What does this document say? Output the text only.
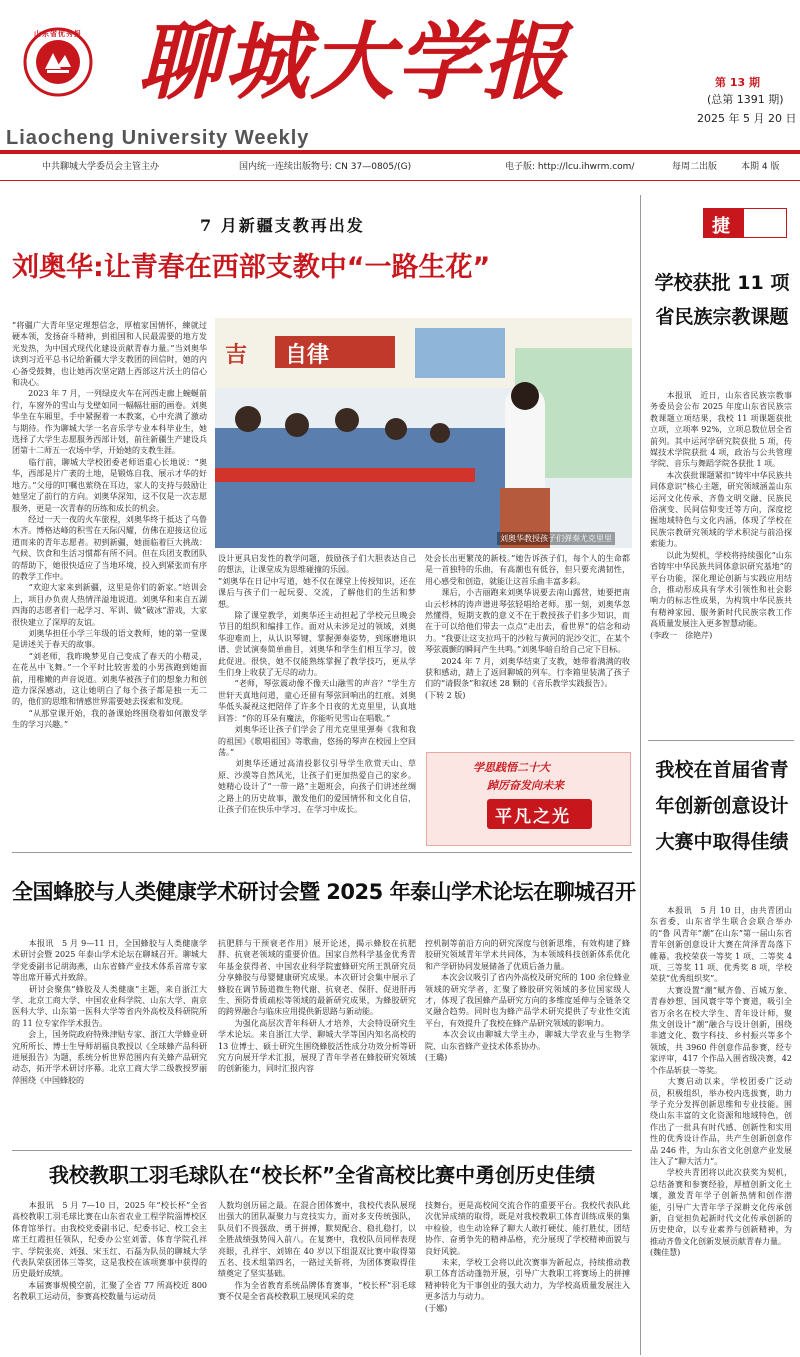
山东省优秀报刊 聊城大学报
Liaocheng University Weekly
第 13 期
(总第 1391 期)
2025 年 5 月 20 日
中共聊城大学委员会主管主办	国内统一连续出版物号: CN 37—0805/(G)	电子版: http://lcu.ihwrm.com/	每周二出版	本期 4 版
7 月新疆支教再出发
刘奥华:让青春在西部支教中“一路生花”
“将疆广大青年坚定理想信念，厚植家国情怀，練就过硬本领，发扬奋斗精神，到祖国和人民最需要的地方发光发热，为中国式现代化建设贡献青春力量。”当刘奥华读到习近平总书记给新疆大学支教团的回信时，她的内心备受鼓舞，也让她再次坚定踏上西部这片沃土的信心和决心。
　　2023 年 7 月，一列绿皮火车在河西走廊上蜿蜒前行，车窗外的雪山与戈壁如同一幅幅壮丽的画卷。刘奥华坐在车厢里，手中紧握着一本教案，心中充满了激动与期待。作为聊城大学一名音乐学专业本科毕业生，她选择了大学生志愿服务西部计划，前往新疆生产建设兵团第十二师五一农场中学，开始她的支教生涯。
　　临行前，聊城大学校团委老师语重心长地说：“奥华，西部是片广袤的土地，是锻炼自我、展示才华的好地方。”父母的叮嘱也萦绕在耳边，家人的支持与鼓励让她坚定了前行的方向。刘奥华深知，这不仅是一次志愿服务，更是一次青春的历练和成长的机会。
　　经过一天一夜的火车旅程，刘奥华终于抵达了乌鲁木齐。博格达峰的积雪在天际闪耀，仿佛在迎接这位远道而来的青年志愿者。初到新疆，她面临着巨大挑战：气候、饮食和生活习惯都有所不同。但在兵团支教团队的帮助下，她很快适应了当地环境，投入到紧张而有序的教学工作中。
　　“欢迎大家来到新疆，这里是你们的新家。”培训会上，项目办负责人热情洋溢地说道。刘奥华和来自五湖四海的志愿者们一起学习、军训、做“破冰”游戏，大家很快建立了深厚的友谊。
　　刘奥华担任小学三年级的语文教师，她的第一堂课是讲述关于春天的故事。
　　“刘老师，我昨晚梦见自己变成了春天的小精灵，在花丛中飞舞。”一个平时比较害羞的小男孩跑到她面前，用稚嫩的声音说道。刘奥华被孩子们的想象力和创造力深深感动，这让她明白了每个孩子都是独一无二的，他们的思维和情感世界需要她去探索和发现。
　　“从那堂课开始，我的备课始终围绕着如何激发学生的学习兴趣。”
吉 自律
刘奥华教授孩子们弹奏尤克里里
设计更具启发性的教学问题，鼓励孩子们大胆表达自己的想法，让课堂成为思维碰撞的乐园。
”刘奥华在日记中写道，她不仅在课堂上传授知识，还在课后与孩子们一起玩耍、交流，了解他们的生活和梦想。
　　除了课堂教学，刘奥华还主动担起了学校元旦晚会节目的组织和编排工作。面对从未涉足过的领域，刘奥华迎难而上，从认识琴键、掌握弹奏姿势，到琢磨地识谱、尝试演奏简单曲目，刘奥华和学生们相互学习，彼此促进。很快，她不仅能熟练掌握了教学技巧，更从学生们身上收获了无尽的动力。
　　“老师，琴弦震动像不像天山融雪的声音？”学生方世轩天真地问道，童心还留有琴弦回响出的红痕。刘奥华低头凝视这把陪伴了许多个日夜的尤克里里，认真地回答：“你的耳朵有魔法，你能听见雪山在唱歌。”
　　刘奥华还让孩子们学会了用尤克里里弹奏《我和我的祖国》《歌唱祖国》等歌曲，悠扬的琴声在校园上空回荡。”
　　刘奥华还通过高清投影仪引导学生欣赏天山、草原、沙漠等自然风光，让孩子们更加热爱自己的家乡。她精心设计了“一带一路”主题班会，向孩子们讲述丝绸之路上的历史故事，激发他们的爱国情怀和文化自信，让孩子们在快乐中学习、在学习中成长。
处会长出更繁茂的新枝。”她告诉孩子们，每个人的生命都是一首独特的乐曲，有高潮也有低谷，但只要充满韧性，用心感受和创造，就能让这首乐曲丰富多彩。
　　课后，小吉丽跑来刘奥华说要去南山露营，她要把南山云杉林的涛声谱进琴弦轻唱给老师。那一刻，刘奥华忽然懂得，短期支教的意义不在于教授孩子们多少知识，而在于可以给他们带去一点点“走出去，看世界”的信念和动力。“我要让这支拉玛干的沙粒与黄河的泥沙交汇，在某个琴弦震颤的瞬间产生共鸣。”刘奥华暗自给自己定下目标。
　　2024 年 7 月，刘奥华结束了支教，她带着满满的收获和感动，踏上了返回聊城的列车。行李箱里装满了孩子们的“请假条”和叙述 28 颗的《音乐教学实践报告》。
(下转 2 版)
学思践悟二十大
踔厉奋发向未来
平凡之光
捷　报
学校获批 11 项省民族宗教课题
　　本报讯　近日，山东省民族宗教事务委员会公布 2025 年度山东省民族宗教课题立项结果，我校 11 项课题获批立项，立项率 92%，立项总数位居全省前列。其中运河学研究院获批 5 项，传媒技术学院获批 4 项，政治与公共管理学院、音乐与舞蹈学院各获批 1 项。
　　本次获批课题紧扣“铸牢中华民族共同体意识”核心主题，研究领域涵盖山东运河文化传承、齐鲁文明交融、民族民俗演变、民间信仰变迁等方向，深度挖掘地域特色与文化内涵，体现了学校在民族宗教研究领域的学术积淀与前沿探索能力。
　　以此为契机，学校将持续强化“山东省铸牢中华民族共同体意识研究基地”的平台功能，深化理论创新与实践应用结合，推动形成具有学术引领性和社会影响力的标志性成果，为构筑中华民族共有精神家园、服务新时代民族宗教工作高质量发展注入更多智慧动能。
(李政一　徐艳芹)
我校在首届省青年创新创意设计大赛中取得佳绩
　　本报讯　5 月 10 日，由共青团山东省委、山东省学生联合会联合举办的“鲁 风青年”潮”在山东”第一届山东省青年创新创意设计大赛在菏泽青岛落下帷幕。我校荣获一等奖 1 项、二等奖 4 项、三等奖 11 项、优秀奖 8 项，学校荣获“优秀组织奖”。
　　大赛设置“潮”赋齐鲁、百城万象、青春妙想、国风寰宇等个赛道，吸引全省万余名在校大学生、青年设计师，聚焦文创设计“潮”融合与设计创新，围绕非遗文化、数字科技、乡村振兴等多个领域，共 3960 件创意作品参赛，经专家评审，417 个作品入围省级决赛，42 个作品斩获一等奖。
　　大赛启动以来，学校团委广泛动员，积极组织，举办校内选拔赛，助力学子充分发挥创新思维和专业技能。围绕山东丰富的文化资源和地域特色，创作出了一批具有时代感、创新性和实用性的优秀设计作品，共产生创新创意作品 246 件，为山东省文化创意产业发展注入了“聊大活力”。
　　学校共青团将以此次获奖为契机，总结备赛和参赛经验，厚植创新文化土壤，激发青年学子创新热情和创作潜能，引导广大青年学子深耕文化传承创新，自觉担负起新时代文化传承创新的历史使命，以专业素养与创新精神，为推动齐鲁文化创新发展贡献青春力量。
(魏佳慧)
全国蜂胶与人类健康学术研讨会暨 2025 年泰山学术论坛在聊城召开
　　本报讯　5 月 9—11 日，全国蜂胶与人类健康学术研讨会暨 2025 年泰山学术论坛在聊城召开。聊城大学党委副书记胡海燕，山东省蜂产业技术体系首席专家等出席开幕式并致辞。
　　研讨会聚焦“蜂胶及人类健康”主题，来自浙江大学、北京工商大学、中国农业科学院、山东大学、南京医科大学、山东第一医科大学等省内外高校及科研院所的 11 位专家作学术报告。
　　会上，国务院政府特殊津贴专家、浙江大学蜂业研究所所长、博士生导师胡福良教授以《全球蜂产品科研进展报告》为题，系统分析世界范围内有关蜂产品研究动态，拓开学术研讨序幕。北京工商大学二级教授罗丽萍围绕《中国蜂胶的
抗肥胖与干预衰老作用》展开论述，揭示蜂胶在抗肥胖、抗衰老领域的重要价值。国家自然科学基金优秀青年基金获得者、中国农业科学院蜜蜂研究所王凯研究员分享蜂胶与母婴健康研究成果。本次研讨会集中展示了蜂胶在调节肠道微生物代谢、抗衰老、保肝、促进肝再生、预防骨质疏松等领域的最新研究成果，为蜂胶研究的跨界融合与临床应用提供新思路与新动能。
　　为强化高层次青年科研人才培养，大会特设研究生学术论坛。来自浙江大学、聊城大学等国内知名高校的 13 位博士、硕士研究生围绕蜂胶活性成分功效分析等研究方向展开学术汇报，展现了青年学者在蜂胶研究领域的创新能力，同时汇报内容
控机制等前沿方向的研究深度与创新思维，有效构建了蜂胶研究领域青年学术共同体，为本领域科技创新体系优化和产学研协同发展储备了优质后备力量。
　　本次会议吸引了省内外高校及研究所的 100 余位蜂业领域的研究学者，汇聚了蜂胶研究领域的多位国家级人才，体现了我国蜂产品研究方向的多维度延伸与全链条交叉融合趋势。同时也为蜂产品学术研究提供了专业性交流平台，有效提升了我校在蜂产品研究领域的影响力。
　　本次会议由聊城大学主办，聊城大学农业与生物学院、山东省蜂产业技术体系协办。
(王璐)
我校教职工羽毛球队在“校长杯”全省高校比赛中勇创历史佳绩
　　本报讯　5 月 7—10 日，2025 年“校长杯”全省高校教职工羽毛球比赛在山东省农业工程学院淄博校区体育馆举行。由我校党委副书记、纪委书记、校工会主席王红霞担任领队，纪委办公室刘蕾、体育学院孔祥宇、学院张亮、刘强、宋玉红、石磊为队员的聊城大学代表队荣获团体三等奖，这是我校在该项赛事中获得的历史最好成绩。
　　本届赛事规模空前，汇聚了全省 77 所高校近 800 名教职工运动员，参赛高校数量与运动员
人数均创历届之最。在混合团体赛中，我校代表队展现出强大的团队凝聚力与竞技实力，面对多支传统强队，队员们不畏强敌、勇于拼搏，默契配合、稳扎稳打，以全胜战绩强势闯入前八。在复赛中，我校队员同样表现亮眼，孔祥宇、刘锦在 40 岁以下组混双比赛中取得第五名、技术组第四名，一路过关斩将，为团体赛取得佳绩奠定了坚实基础。
　　作为全省教育系统品牌体育赛事，“校长杯”羽毛球赛不仅是全省高校教职工展现风采的竞
技舞台，更是高校间交流合作的重要平台。我校代表队此次优异成绩的取得，既是对我校教职工体育训练成果的集中检验，也生动诠释了聊大人敢打硬仗、能打胜仗，团结协作、奋勇争先的精神品格，充分展现了学校精神面貌与良好风貌。
　　未来，学校工会将以此次赛事为新起点，持续推动教职工体育活动蓬勃开展，引导广大教职工将赛场上的拼搏精神转化为干事创业的强大动力，为学校高质量发展注入更多活力与动力。
(于娜)
